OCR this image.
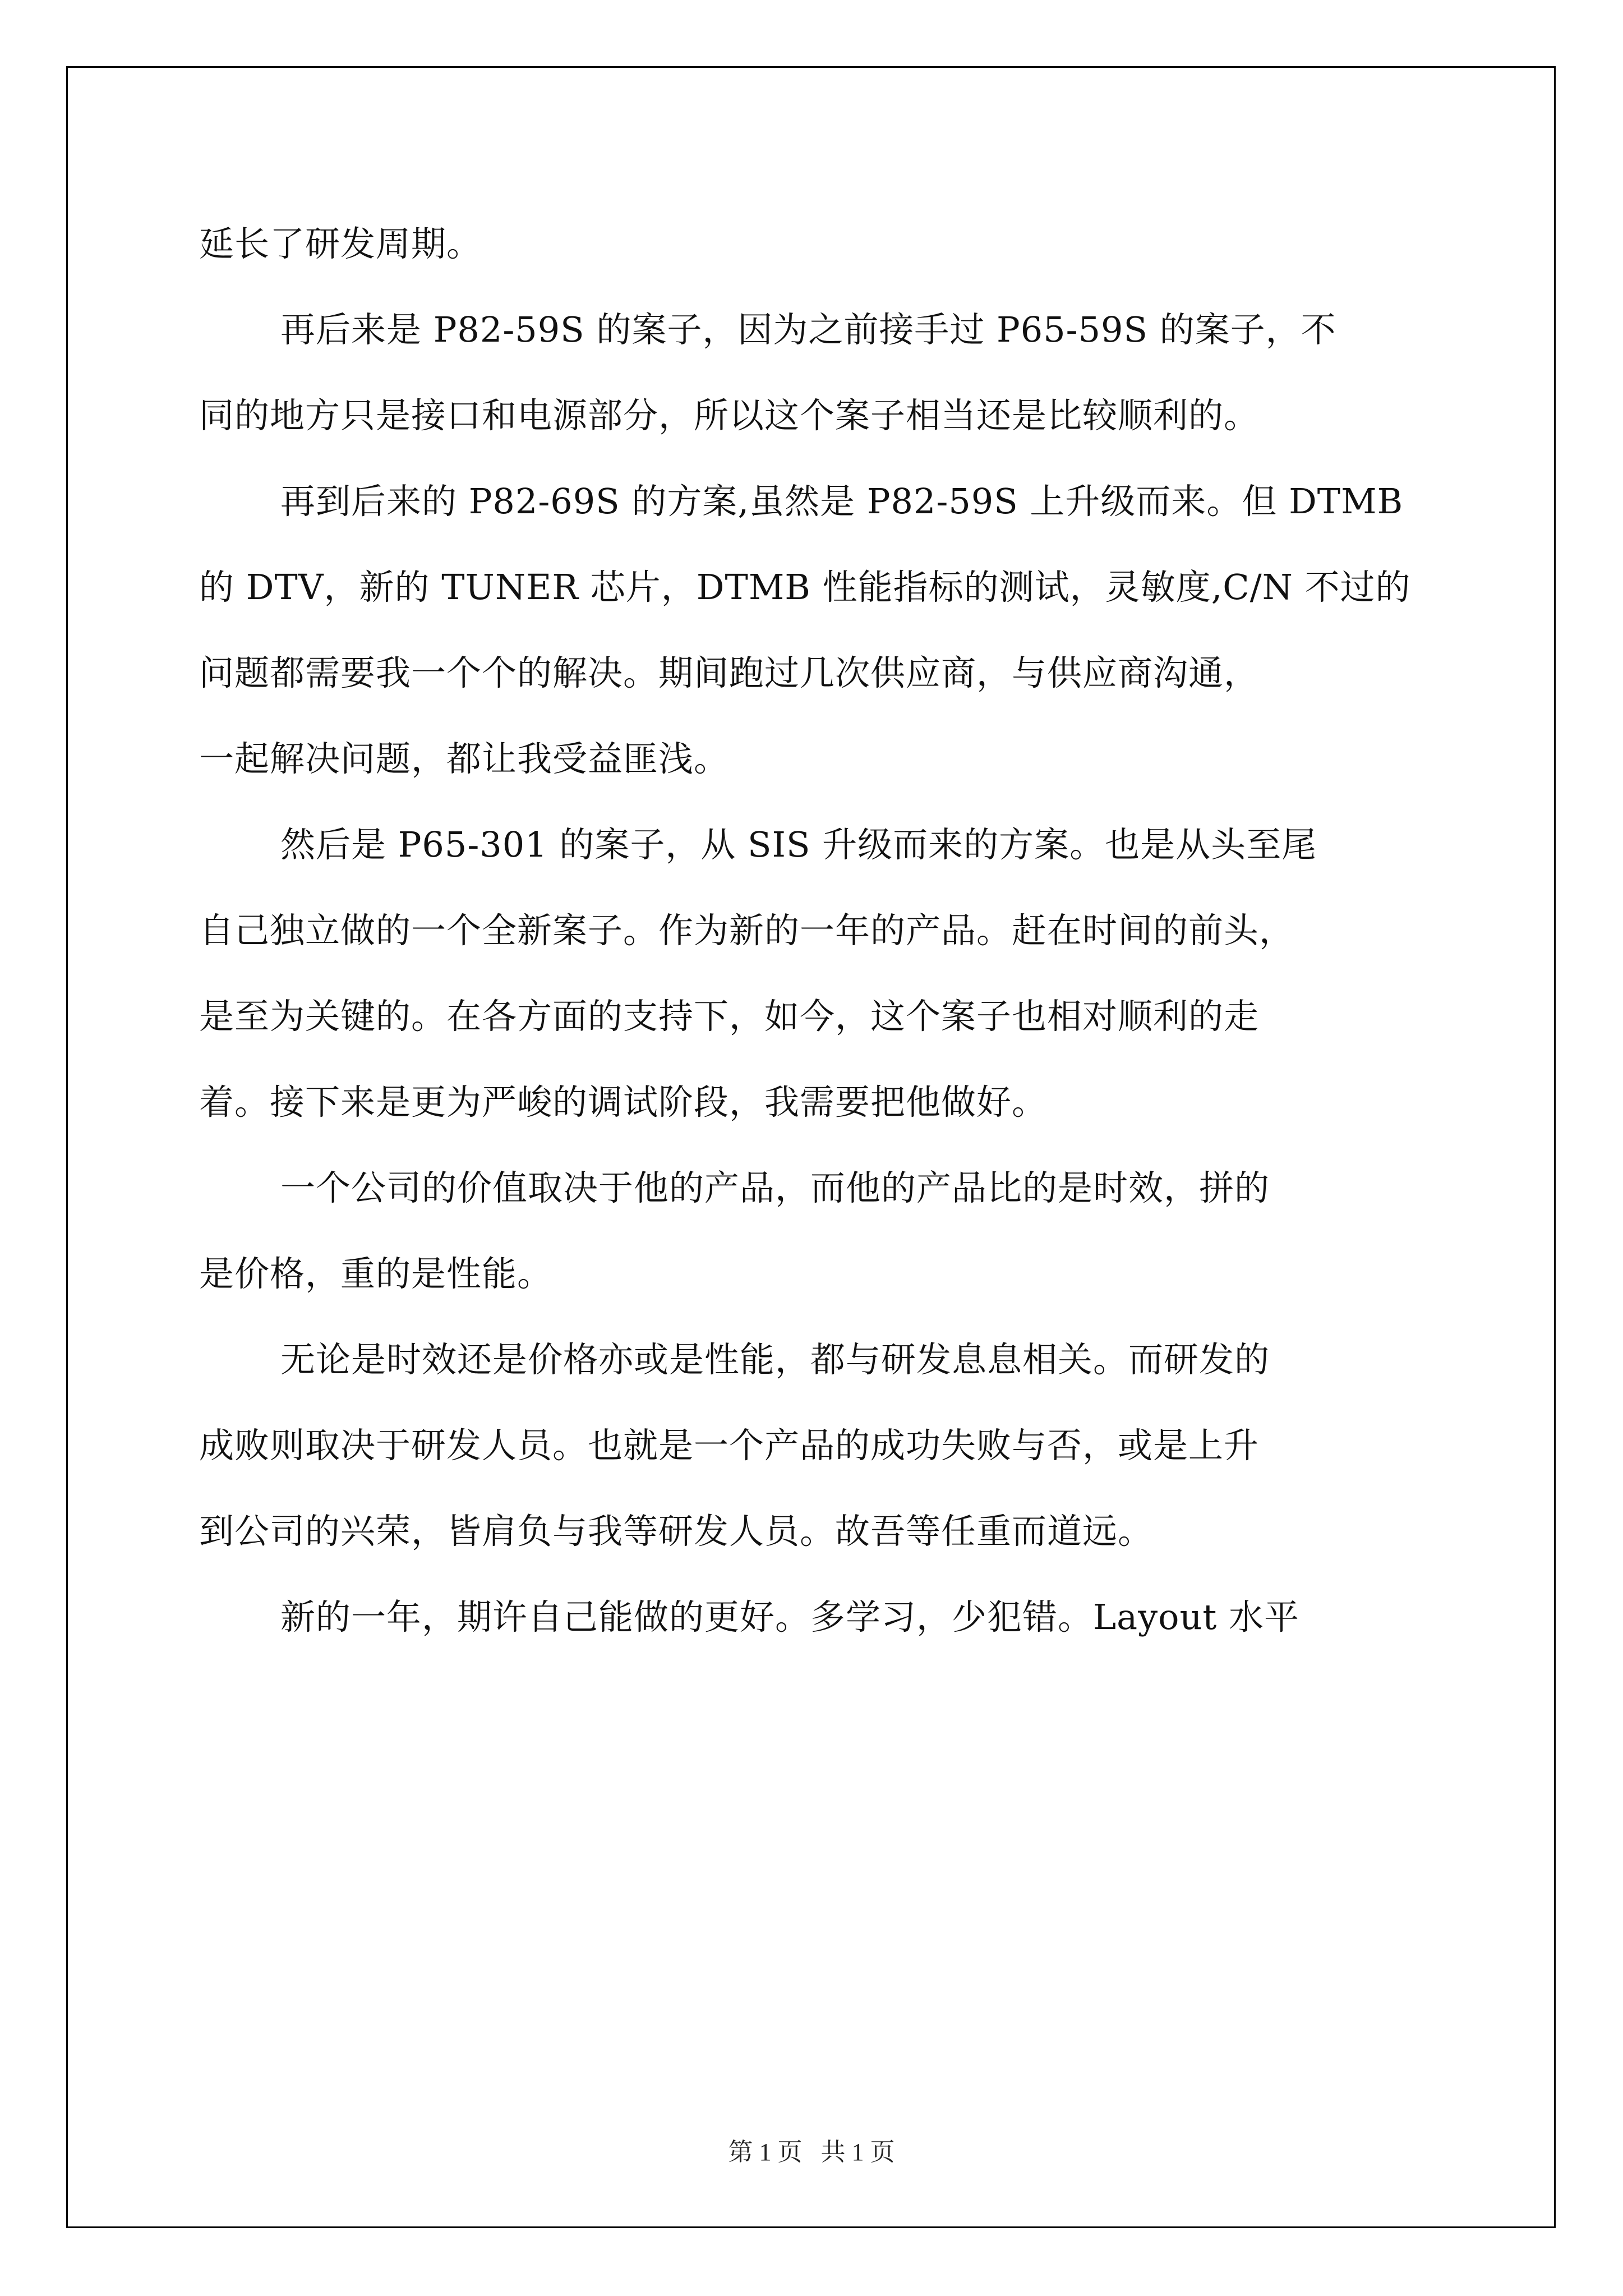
延长了研发周期。
再后来是 P82-59S 的案子，因为之前接手过 P65-59S 的案子，不
同的地方只是接口和电源部分，所以这个案子相当还是比较顺利的。
再到后来的 P82-69S 的方案,虽然是 P82-59S 上升级而来。但 DTMB
的 DTV，新的 TUNER 芯片，DTMB 性能指标的测试，灵敏度,C/N 不过的
问题都需要我一个个的解决。期间跑过几次供应商，与供应商沟通，
一起解决问题，都让我受益匪浅。
然后是 P65-301 的案子，从 SIS 升级而来的方案。也是从头至尾
自己独立做的一个全新案子。作为新的一年的产品。赶在时间的前头，
是至为关键的。在各方面的支持下，如今，这个案子也相对顺利的走
着。接下来是更为严峻的调试阶段，我需要把他做好。
一个公司的价值取决于他的产品，而他的产品比的是时效，拼的
是价格，重的是性能。
无论是时效还是价格亦或是性能，都与研发息息相关。而研发的
成败则取决于研发人员。也就是一个产品的成功失败与否，或是上升
到公司的兴荣，皆肩负与我等研发人员。故吾等任重而道远。
新的一年，期许自己能做的更好。多学习，少犯错。Layout 水平
第 1 页   共 1 页
